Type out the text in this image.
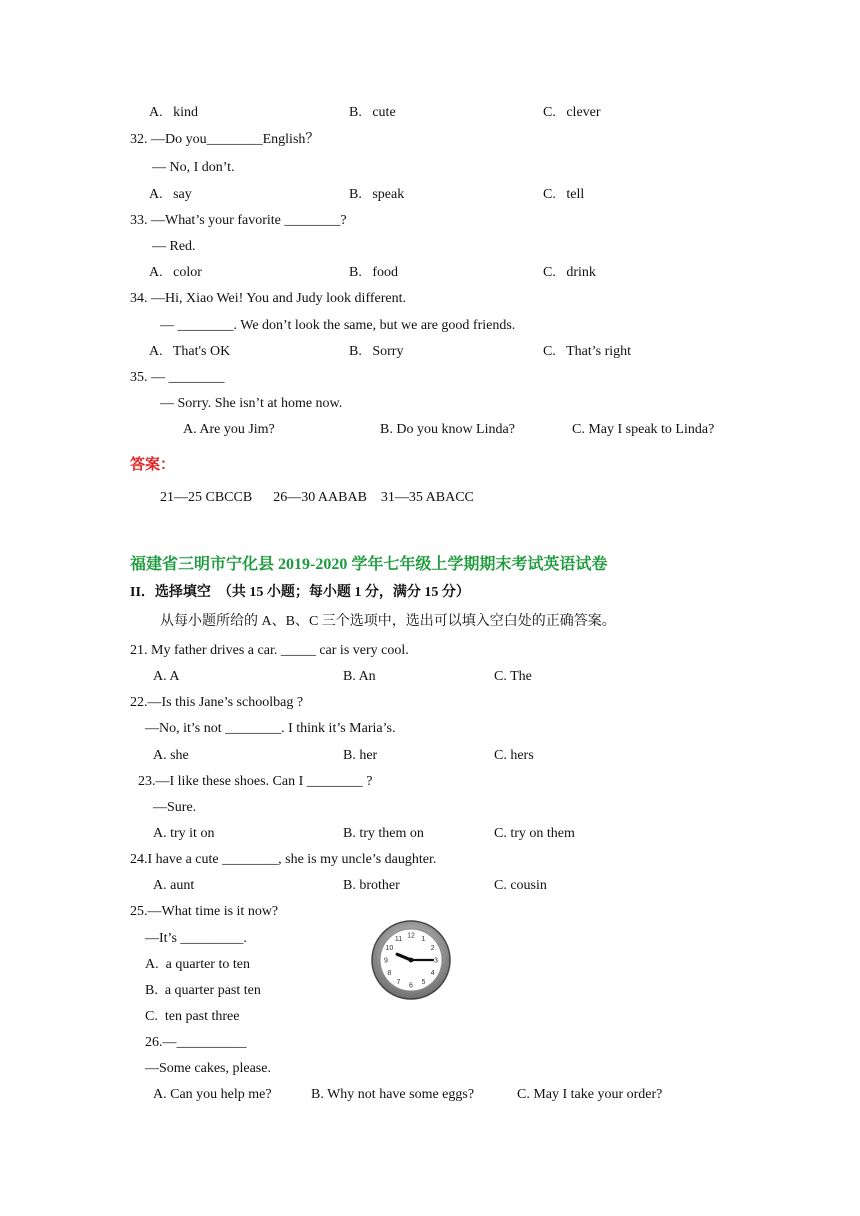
A.   kind	B.   cute	C.   clever
32. —Do you________English？
— No, I don’t.
A.   say	B.   speak	C.   tell
33. —What’s your favorite ________?
— Red.
A.   color	B.   food	C.   drink
34. —Hi, Xiao Wei! You and Judy look different.
— ________. We don’t look the same, but we are good friends.
A.   That's OK	B.   Sorry	C.   That’s right
35. — ________
— Sorry. She isn’t at home now.
A. Are you Jim?	B. Do you know Linda?	C. May I speak to Linda?
答案：
21—25 CBCCB      26—30 AABAB    31—35 ABACC
福建省三明市宁化县 2019-2020 学年七年级上学期期末考试英语试卷
II．选择填空  （共 15 小题；每小题 1 分，满分 15 分）
从每小题所给的 A、B、C 三个选项中，选出可以填入空白处的正确答案。
21. My father drives a car. _____ car is very cool.
A. A	B. An	C. The
22.—Is this Jane’s schoolbag ?
—No, it’s not ________. I think it’s Maria’s.
A. she	B. her	C. hers
23.—I like these shoes. Can I ________ ?
—Sure.
A. try it on	B. try them on	C. try on them
24.I have a cute ________, she is my uncle’s daughter.
A. aunt	B. brother	C. cousin
25.—What time is it now?
—It’s _________.
A.  a quarter to ten
B.  a quarter past ten
C.  ten past three
12 1
2
3
4
5
6
7
8
9
10
11
26.—__________
—Some cakes, please.
A. Can you help me?	B. Why not have some eggs?	C. May I take your order?
